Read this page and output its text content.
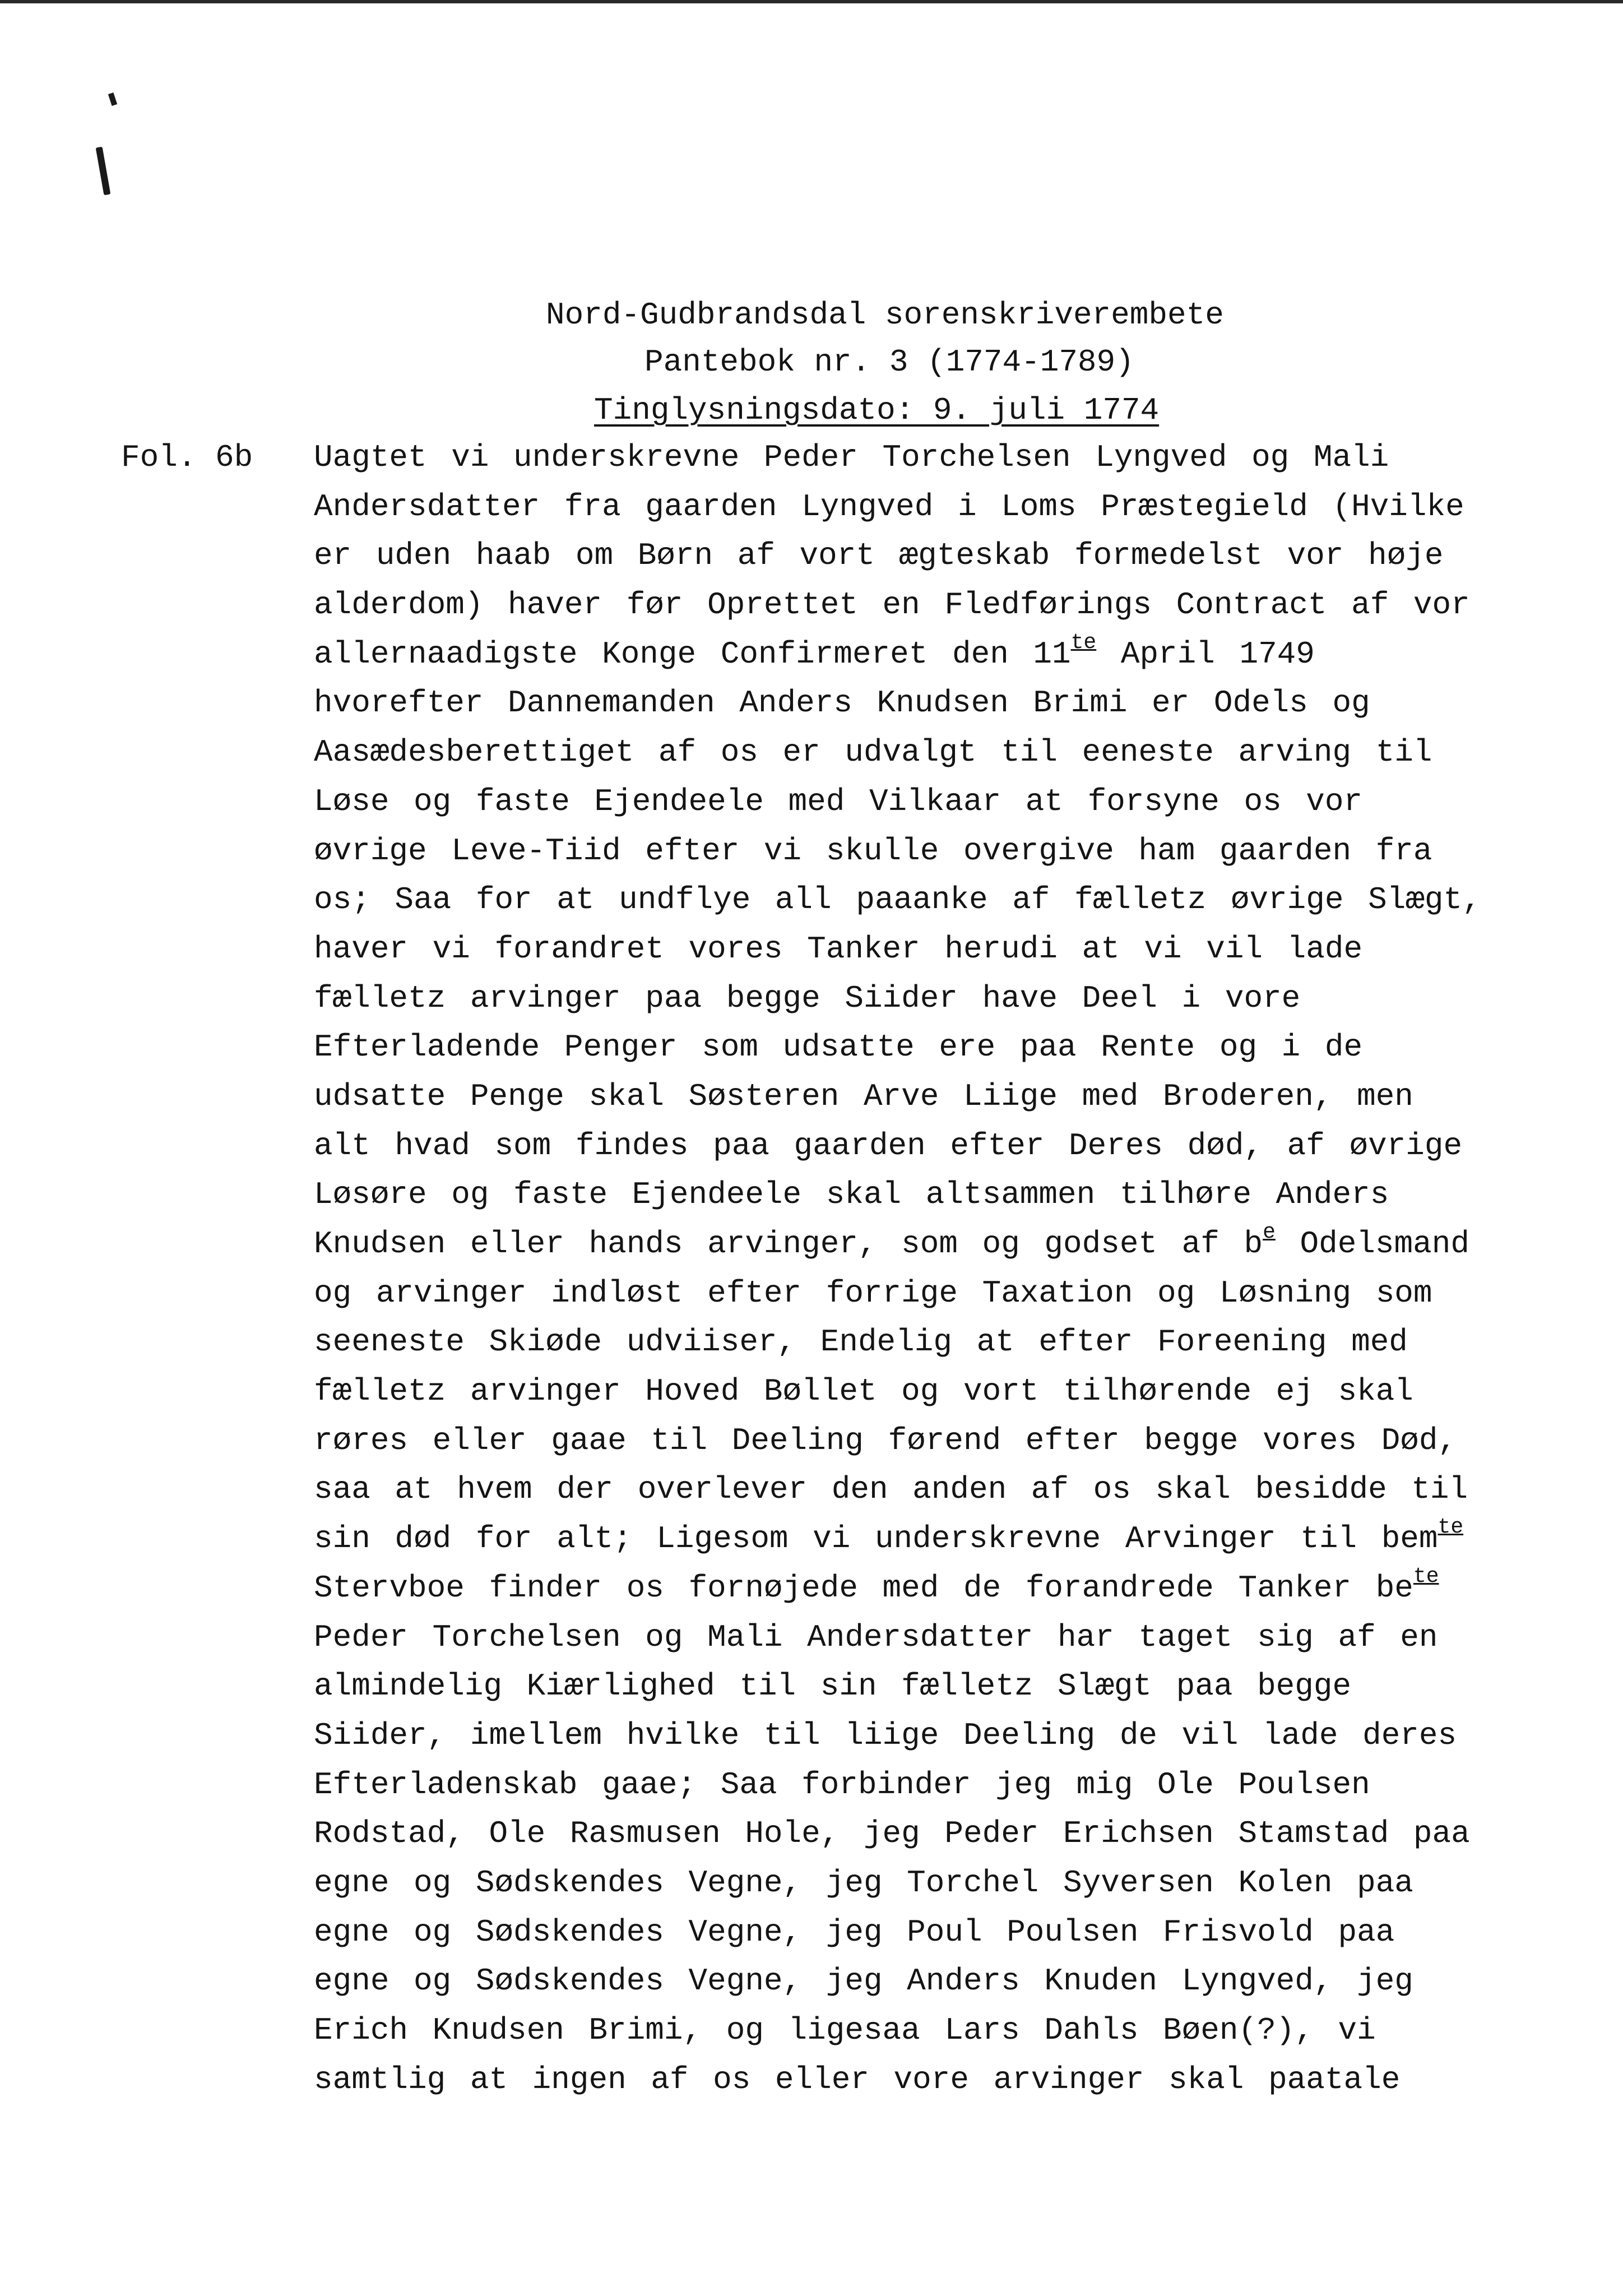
Nord-Gudbrandsdal sorenskriverembete
Pantebok nr. 3 (1774-1789)
Tinglysningsdato: 9. juli 1774
Fol. 6b Uagtet vi underskrevne Peder Torchelsen Lyngved og Mali
Andersdatter fra gaarden Lyngved i Loms Præstegield (Hvilke
er uden haab om Børn af vort ægteskab formedelst vor høje
alderdom) haver før Oprettet en Fledførings Contract af vor
allernaadigste Konge Confirmeret den $11^{te}$ April 1749
hvorefter Dannemanden Anders Knudsen Brimi er Odels og
Aasædesberettiget af os er udvalgt til eeneste arving til
Løse og faste Ejendeele med Vilkaar at forsyne os vor
øvrige Leve-Tiid efter vi skulle overgive ham gaarden fra
os; Saa for at undflye all paaanke af fælletz øvrige Slægt,
haver vi forandret vores Tanker herudi at vi vil lade
fælletz arvinger paa begge Siider have Deel i vore
Efterladende Penger som udsatte ere paa Rente og i de
udsatte Penge skal Søsteren Arve Liige med Broderen, men
alt hvad som findes paa gaarden efter Deres død, af øvrige
Løsøre og faste Ejendeele skal altsammen tilhøre Anders
Knudsen eller hands arvinger, som og godset af $b^e$ Odelsmand
og arvinger indløst efter forrige Taxation og Løsning som
seeneste Skiøde udviiser, Endelig at efter Foreening med
fælletz arvinger Hoved Bøllet og vort tilhørende ej skal
røres eller gaae til Deeling førend efter begge vores Død,
saa at hvem der overlever den anden af os skal besidde til
sin død for alt; Ligesom vi underskrevne Arvinger til bem$^{te}$
Stervboe finder os fornøjede med de forandrede Tanker $be^{te}$
Peder Torchelsen og Mali Andersdatter har taget sig af en
almindelig Kiærlighed til sin fælletz Slægt paa begge
Siider, imellem hvilke til liige Deeling de vil lade deres
Efterladenskab gaae; Saa forbinder jeg mig Ole Poulsen
Rodstad, Ole Rasmusen Hole, jeg Peder Erichsen Stamstad paa
egne og Sødskendes Vegne, jeg Torchel Syversen Kolen paa
egne og Sødskendes Vegne, jeg Poul Poulsen Frisvold paa
egne og Sødskendes Vegne, jeg Anders Knuden Lyngved, jeg
Erich Knudsen Brimi, og ligesaa Lars Dahls Bøen(?), vi
samtlig at ingen af os eller vore arvinger skal paatale
